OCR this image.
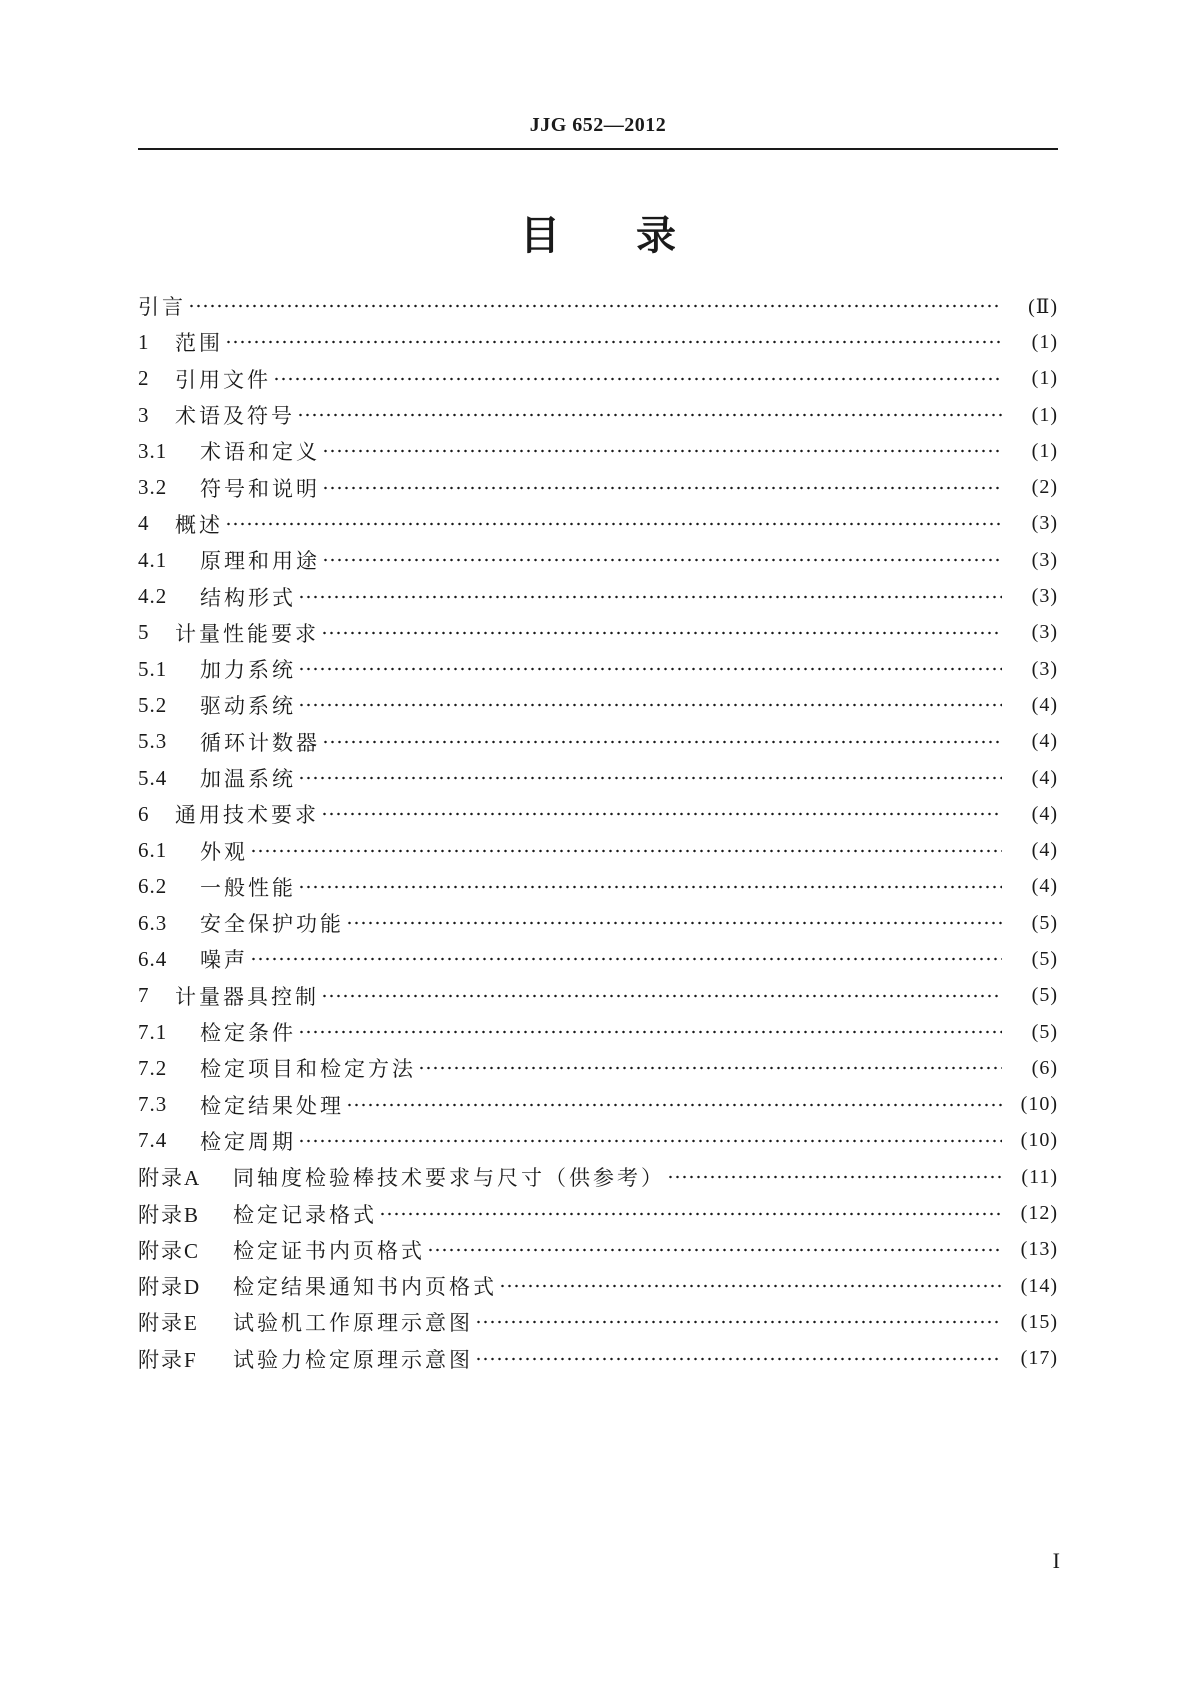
JJG 652—2012
目录
引言	(Ⅱ)
1	范围	(1)
2	引用文件	(1)
3	术语及符号	(1)
3.1	术语和定义	(1)
3.2	符号和说明	(2)
4	概述	(3)
4.1	原理和用途	(3)
4.2	结构形式	(3)
5	计量性能要求	(3)
5.1	加力系统	(3)
5.2	驱动系统	(4)
5.3	循环计数器	(4)
5.4	加温系统	(4)
6	通用技术要求	(4)
6.1	外观	(4)
6.2	一般性能	(4)
6.3	安全保护功能	(5)
6.4	噪声	(5)
7	计量器具控制	(5)
7.1	检定条件	(5)
7.2	检定项目和检定方法	(6)
7.3	检定结果处理	(10)
7.4	检定周期	(10)
附录A	同轴度检验棒技术要求与尺寸（供参考）	(11)
附录B	检定记录格式	(12)
附录C	检定证书内页格式	(13)
附录D	检定结果通知书内页格式	(14)
附录E	试验机工作原理示意图	(15)
附录F	试验力检定原理示意图	(17)
I
